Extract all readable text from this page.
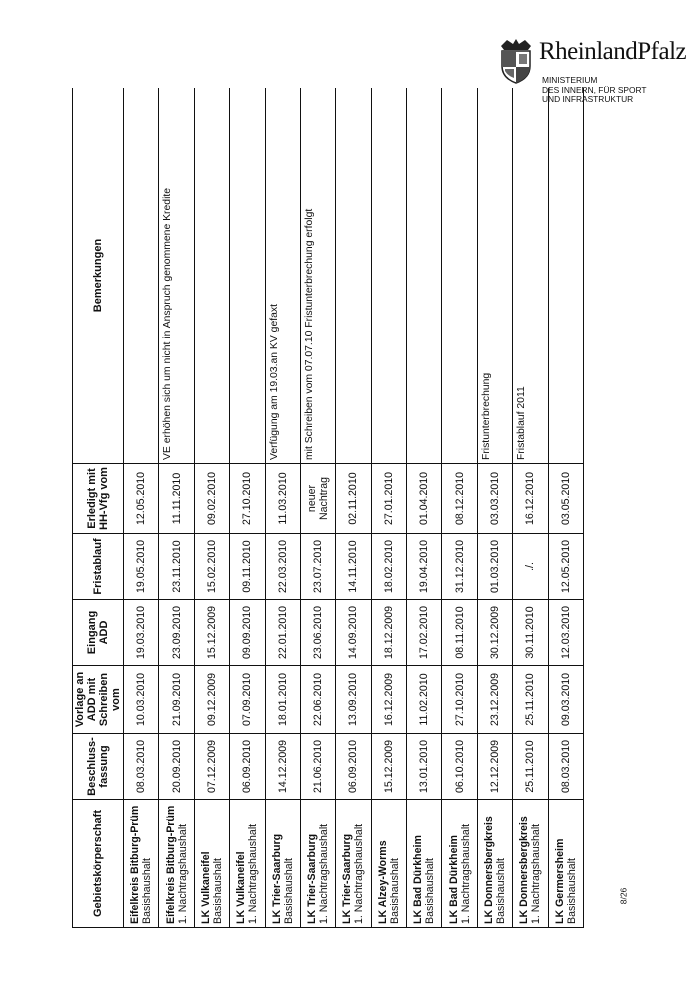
RheinlandPfalz
MINISTERIUM
DES INNERN, FÜR SPORT
UND INFRASTRUKTUR
Gebietskörperschaft	Beschluss-fassung	Vorlage an ADD mit Schreiben vom	Eingang ADD	Fristablauf	Erledigt mit HH-Vfg vom	Bemerkungen

Eifelkreis Bitburg-Prüm Basishaushalt	08.03.2010	10.03.2010	19.03.2010	19.05.2010	12.05.2010	

Eifelkreis Bitburg-Prüm 1. Nachtragshaushalt	20.09.2010	21.09.2010	23.09.2010	23.11.2010	11.11.2010	VE erhöhen sich um nicht in Anspruch genommene Kredite

LK Vulkaneifel Basishaushalt	07.12.2009	09.12.2009	15.12.2009	15.02.2010	09.02.2010	

LK Vulkaneifel 1. Nachtragshaushalt	06.09.2010	07.09.2010	09.09.2010	09.11.2010	27.10.2010	

LK Trier-Saarburg Basishaushalt	14.12.2009	18.01.2010	22.01.2010	22.03.2010	11.03.2010	Verfügung am 19.03.an KV gefaxt

LK Trier-Saarburg 1. Nachtragshaushalt	21.06.2010	22.06.2010	23.06.2010	23.07.2010	neuer Nachtrag	mit Schreiben vom 07.07.10 Fristunterbrechung erfolgt

LK Trier-Saarburg 1. Nachtragshaushalt	06.09.2010	13.09.2010	14.09.2010	14.11.2010	02.11.2010	

LK Alzey-Worms Basishaushalt	15.12.2009	16.12.2009	18.12.2009	18.02.2010	27.01.2010	

LK Bad Dürkheim Basishaushalt	13.01.2010	11.02.2010	17.02.2010	19.04.2010	01.04.2010	

LK Bad Dürkheim 1. Nachtragshaushalt	06.10.2010	27.10.2010	08.11.2010	31.12.2010	08.12.2010	

LK Donnersbergkreis Basishaushalt	12.12.2009	23.12.2009	30.12.2009	01.03.2010	03.03.2010	Fristunterbrechung

LK Donnersbergkreis 1. Nachtragshaushalt	25.11.2010	25.11.2010	30.11.2010	./.	16.12.2010	Fristablauf 2011

LK Germersheim Basishaushalt	08.03.2010	09.03.2010	12.03.2010	12.05.2010	03.05.2010	
8/26
